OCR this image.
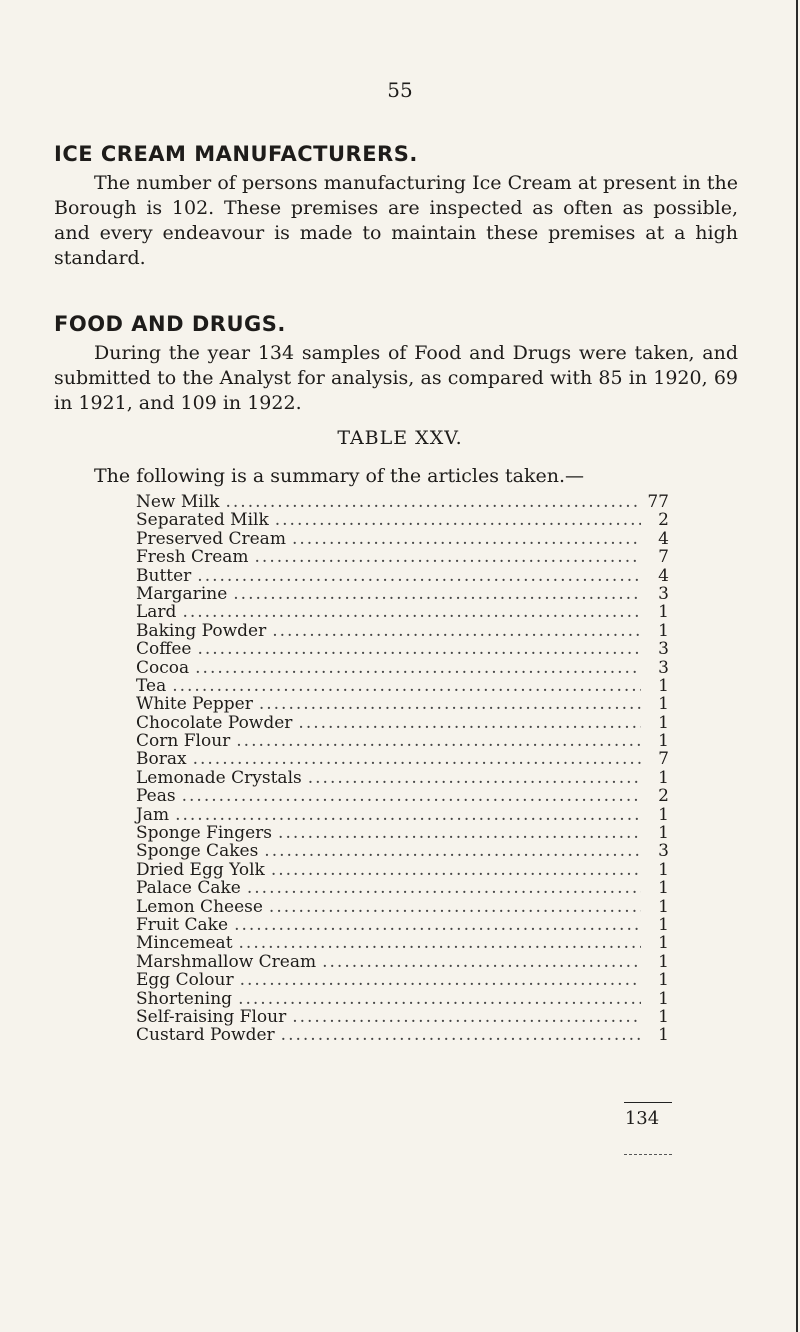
55
ICE CREAM MANUFACTURERS.

The number of persons manufacturing Ice Cream at present in the Borough is 102. These premises are inspected as often as possible, and every endeavour is made to maintain these premises at a high standard.

FOOD AND DRUGS.

During the year 134 samples of Food and Drugs were taken, and submitted to the Analyst for analysis, as compared with 85 in 1920, 69 in 1921, and 109 in 1922.

TABLE XXV.
The following is a summary of the articles taken.—
New Milk .....	77
Separated Milk .....	2
Preserved Cream .....	4
Fresh Cream .....	7
Butter .....	4
Margarine .....	3
Lard .....	1
Baking Powder .....	1
Coffee .....	3
Cocoa .....	3
Tea .....	1
White Pepper .....	1
Chocolate Powder .....	1
Corn Flour .....	1
Borax .....	7
Lemonade Crystals .....	1
Peas .....	2
Jam .....	1
Sponge Fingers .....	1
Sponge Cakes .....	3
Dried Egg Yolk .....	1
Palace Cake .....	1
Lemon Cheese .....	1
Fruit Cake .....	1
Mincemeat .....	1
Marshmallow Cream .....	1
Egg Colour .....	1
Shortening .....	1
Self-raising Flour .....	1
Custard Powder .....	1
134
